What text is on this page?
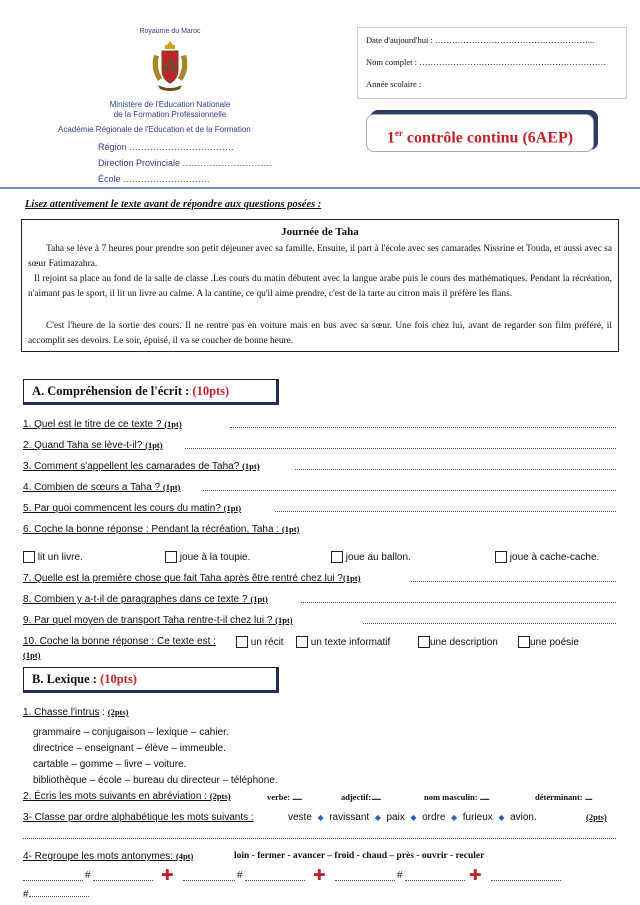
Royaume du Maroc
Ministère de l'Education Nationale
de la Formation Professionnelle
Académie Régionale de l'Education et de la Formation
Région ...................................
Direction Provinciale ..............................
École .............................
Date d'aujourd'hui : ………………………………………………...
Nom complet : …………………………………………………………
Année scolaire :
1er contrôle continu (6AEP)
Lisez attentivement le texte avant de répondre aux questions posées :
Journée de Taha
Taha se lève à 7 heures pour prendre son petit déjeuner avec sa famille. Ensuite, il part à l'école avec ses camarades Nissrine et Touda, et aussi avec sa sœur Fatimazahra.
Il rejoint sa place au fond de la salle de classe .Les cours du matin débutent avec la langue arabe puis le cours des mathématiques. Pendant la récréation, n'aimant pas le sport, il lit un livre au calme. A la cantine, ce qu'il aime prendre, c'est de la tarte au citron mais il préfère les flans.
C'est l'heure de la sortie des cours. Il ne rentre pas en voiture mais en bus avec sa sœur. Une fois chez lui, avant de regarder son film préféré, il accomplit ses devoirs. Le soir, épuisé, il va se coucher de bonne heure.
A. Compréhension de l'écrit : (10pts)
1. Quel est le titre de ce texte ? (1pt)
2. Quand Taha se lève-t-il? (1pt)
3. Comment s'appellent les camarades de Taha? (1pt)
4. Combien de sœurs a Taha ? (1pt)
5. Par quoi commencent les cours du matin? (1pt)
6. Coche la bonne réponse : Pendant la récréation, Taha : (1pt)
lit un livre.	joue à la toupie.	joue au ballon.	joue à cache-cache.
7. Quelle est la première chose que fait Taha après être rentré chez lui ?(1pt)
8. Combien y a-t-il de paragraphes dans ce texte ? (1pt)
9. Par quel moyen de transport Taha rentre-t-il chez lui ? (1pt)
10. Coche la bonne réponse : Ce texte est :	un récit	un texte informatif	une description	une poésie
(1pt)
B. Lexique : (10pts)
1. Chasse l'intrus : (2pts)
grammaire – conjugaison – lexique – cahier.
directrice – enseignant – élève – immeuble.
cartable – gomme – livre – voiture.
bibliothèque – école – bureau du directeur – téléphone.
2. Écris les mots suivants en abréviation : (2pts)	verbe: ........	adjectif:........	nom masculin: ........	déterminant: ......
3- Classe par ordre alphabétique les mots suivants :	veste ◆ ravissant ◆ paix ◆ ordre ◆ furieux ◆ avion.	(2pts)
4- Regroupe les mots antonymes: (4pt)	loin - fermer - avancer – froid - chaud – près - ouvrir - reculer
#	✚	#	✚	#	✚
#
